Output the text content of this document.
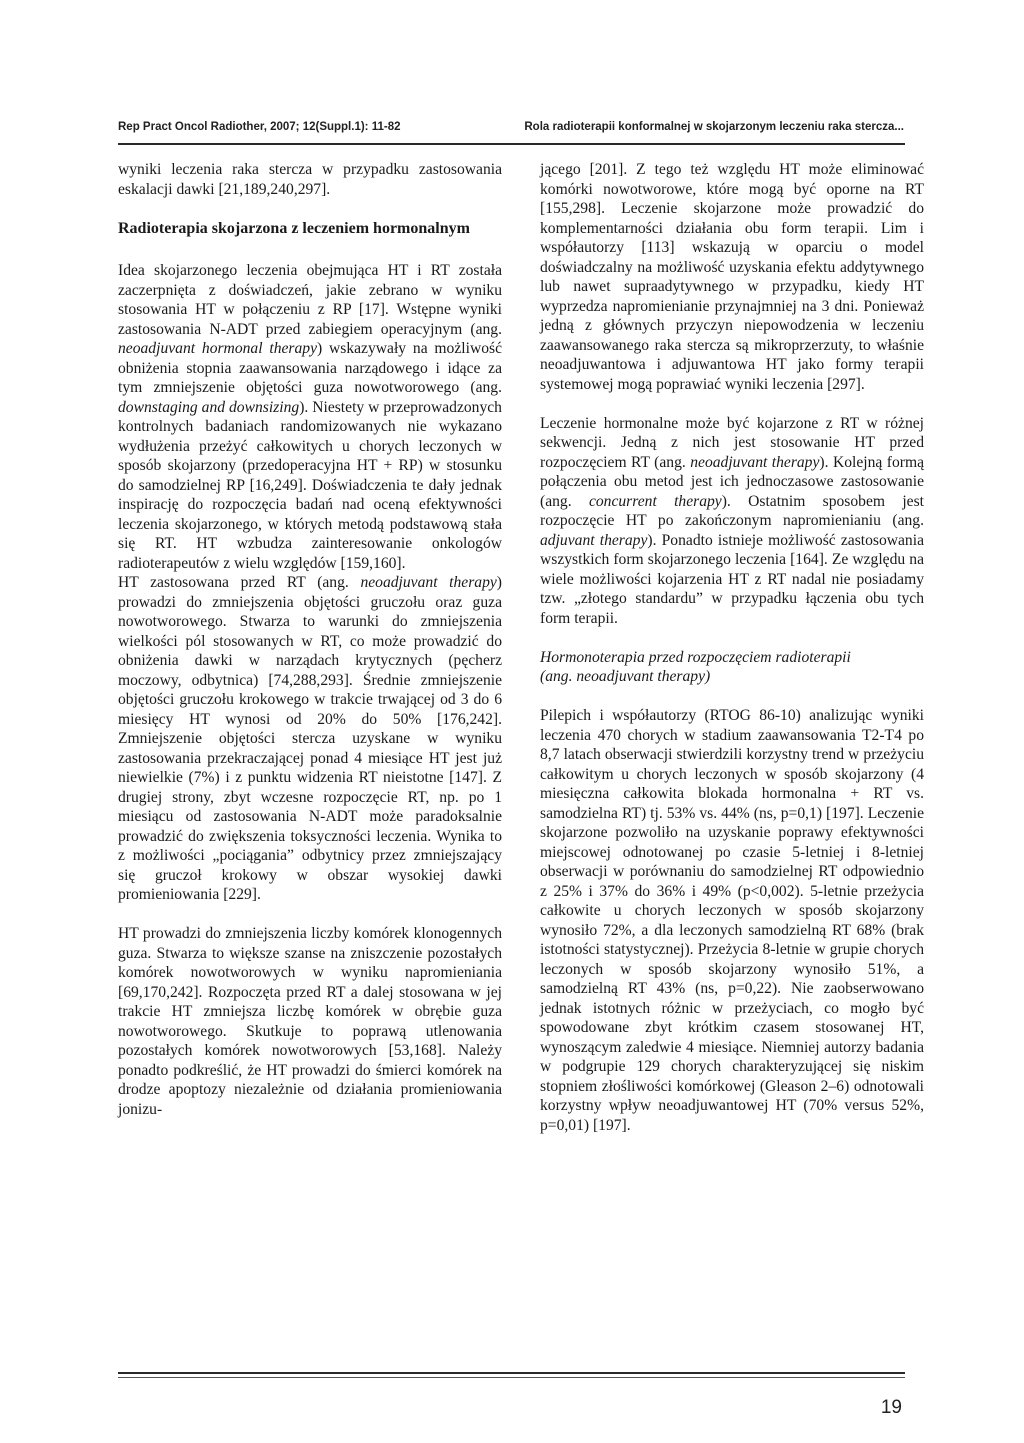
Rep Pract Oncol Radiother, 2007; 12(Suppl.1): 11-82	Rola radioterapii konformalnej w skojarzonym leczeniu raka stercza...

wyniki leczenia raka stercza w przypadku zastosowania eskalacji dawki [21,189,240,297].

Radioterapia skojarzona z leczeniem hormonalnym

Idea skojarzonego leczenia obejmująca HT i RT została zaczerpnięta z doświadczeń, jakie zebrano w wyniku stosowania HT w połączeniu z RP [17]. Wstępne wyniki zastosowania N-ADT przed zabiegiem operacyjnym (ang. neoadjuvant hormonal therapy) wskazywały na możliwość obniżenia stopnia zaawansowania narządowego i idące za tym zmniejszenie objętości guza nowotworowego (ang. downstaging and downsizing). Niestety w przeprowadzonych kontrolnych badaniach randomizowanych nie wykazano wydłużenia przeżyć całkowitych u chorych leczonych w sposób skojarzony (przedoperacyjna HT + RP) w stosunku do samodzielnej RP [16,249]. Doświadczenia te dały jednak inspirację do rozpoczęcia badań nad oceną efektywności leczenia skojarzonego, w których metodą podstawową stała się RT. HT wzbudza zainteresowanie onkologów radioterapeutów z wielu względów [159,160].

HT zastosowana przed RT (ang. neoadjuvant therapy) prowadzi do zmniejszenia objętości gruczołu oraz guza nowotworowego. Stwarza to warunki do zmniejszenia wielkości pól stosowanych w RT, co może prowadzić do obniżenia dawki w narządach krytycznych (pęcherz moczowy, odbytnica) [74,288,293]. Średnie zmniejszenie objętości gruczołu krokowego w trakcie trwającej od 3 do 6 miesięcy HT wynosi od 20% do 50% [176,242]. Zmniejszenie objętości stercza uzyskane w wyniku zastosowania przekraczającej ponad 4 miesiące HT jest już niewielkie (7%) i z punktu widzenia RT nieistotne [147]. Z drugiej strony, zbyt wczesne rozpoczęcie RT, np. po 1 miesiącu od zastosowania N-ADT może paradoksalnie prowadzić do zwiększenia toksyczności leczenia. Wynika to z możliwości „pociągania” odbytnicy przez zmniejszający się gruczoł krokowy w obszar wysokiej dawki promieniowania [229].

HT prowadzi do zmniejszenia liczby komórek klonogennych guza. Stwarza to większe szanse na zniszczenie pozostałych komórek nowotworowych w wyniku napromieniania [69,170,242]. Rozpoczęta przed RT a dalej stosowana w jej trakcie HT zmniejsza liczbę komórek w obrębie guza nowotworowego. Skutkuje to poprawą utlenowania pozostałych komórek nowotworowych [53,168]. Należy ponadto podkreślić, że HT prowadzi do śmierci komórek na drodze apoptozy niezależnie od działania promieniowania jonizu-

jącego [201]. Z tego też względu HT może eliminować komórki nowotworowe, które mogą być oporne na RT [155,298]. Leczenie skojarzone może prowadzić do komplementarności działania obu form terapii. Lim i współautorzy [113] wskazują w oparciu o model doświadczalny na możliwość uzyskania efektu addytywnego lub nawet supraadytywnego w przypadku, kiedy HT wyprzedza napromienianie przynajmniej na 3 dni. Ponieważ jedną z głównych przyczyn niepowodzenia w leczeniu zaawansowanego raka stercza są mikroprzerzuty, to właśnie neoadjuwantowa i adjuwantowa HT jako formy terapii systemowej mogą poprawiać wyniki leczenia [297].

Leczenie hormonalne może być kojarzone z RT w różnej sekwencji. Jedną z nich jest stosowanie HT przed rozpoczęciem RT (ang. neoadjuvant therapy). Kolejną formą połączenia obu metod jest ich jednoczasowe zastosowanie (ang. concurrent therapy). Ostatnim sposobem jest rozpoczęcie HT po zakończonym napromienianiu (ang. adjuvant therapy). Ponadto istnieje możliwość zastosowania wszystkich form skojarzonego leczenia [164]. Ze względu na wiele możliwości kojarzenia HT z RT nadal nie posiadamy tzw. „złotego standardu” w przypadku łączenia obu tych form terapii.

Hormonoterapia przed rozpoczęciem radioterapii

(ang. neoadjuvant therapy)

Pilepich i współautorzy (RTOG 86-10) analizując wyniki leczenia 470 chorych w stadium zaawansowania T2-T4 po 8,7 latach obserwacji stwierdzili korzystny trend w przeżyciu całkowitym u chorych leczonych w sposób skojarzony (4 miesięczna całkowita blokada hormonalna + RT vs. samodzielna RT) tj. 53% vs. 44% (ns, p=0,1) [197]. Leczenie skojarzone pozwoliło na uzyskanie poprawy efektywności miejscowej odnotowanej po czasie 5-letniej i 8-letniej obserwacji w porównaniu do samodzielnej RT odpowiednio z 25% i 37% do 36% i 49% (p<0,002). 5-letnie przeżycia całkowite u chorych leczonych w sposób skojarzony wynosiło 72%, a dla leczonych samodzielną RT 68% (brak istotności statystycznej). Przeżycia 8-letnie w grupie chorych leczonych w sposób skojarzony wynosiło 51%, a samodzielną RT 43% (ns, p=0,22). Nie zaobserwowano jednak istotnych różnic w przeżyciach, co mogło być spowodowane zbyt krótkim czasem stosowanej HT, wynoszącym zaledwie 4 miesiące. Niemniej autorzy badania w podgrupie 129 chorych charakteryzującej się niskim stopniem złośliwości komórkowej (Gleason 2–6) odnotowali korzystny wpływ neoadjuwantowej HT (70% versus 52%, p=0,01) [197].

19
